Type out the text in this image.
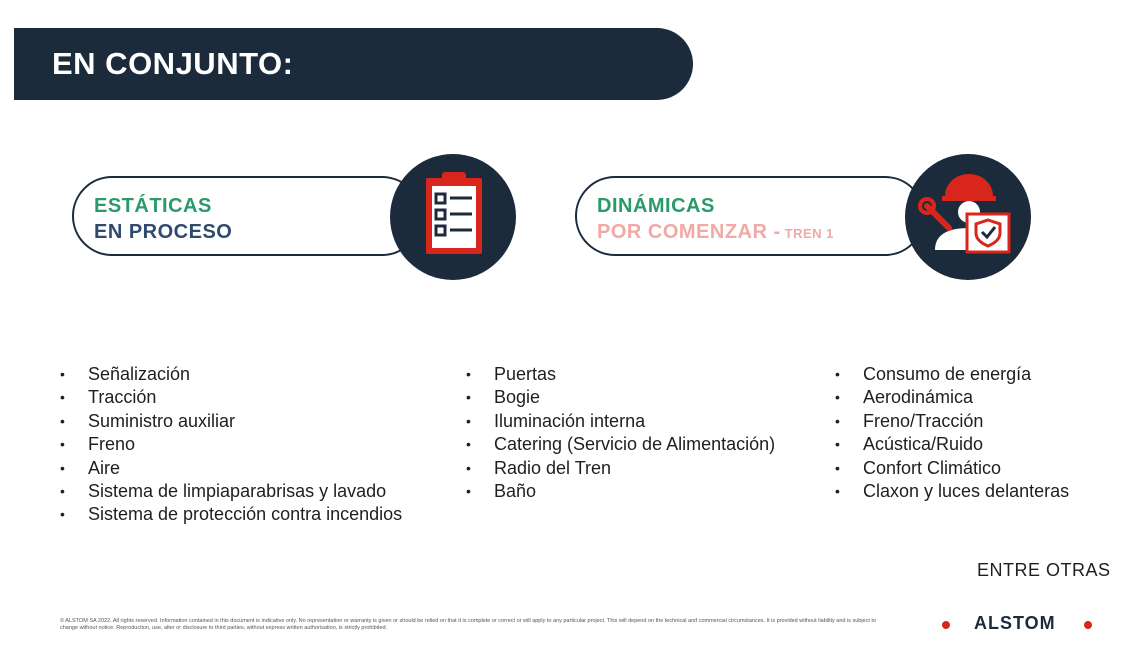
EN CONJUNTO:
ESTÁTICAS
EN PROCESO
DINÁMICAS
POR COMENZAR - TREN 1
• Señalización
• Tracción
• Suministro auxiliar
• Freno
• Aire
• Sistema de limpiaparabrisas y lavado
• Sistema de protección contra incendios
• Puertas
• Bogie
• Iluminación interna
• Catering (Servicio de Alimentación)
• Radio del Tren
• Baño
• Consumo de energía
• Aerodinámica
• Freno/Tracción
• Acústica/Ruido
• Confort Climático
• Claxon y luces delanteras
ENTRE OTRAS
© ALSTOM SA 2022. All rights reserved. Information contained in this document is indicative only. No representation or warranty is given or should be relied on that it is complete or correct or will apply to any particular project. This will depend on the technical and commercial circumstances. It is provided without liability and is subject to change without notice. Reproduction, use, alter or disclosure to third parties, without express written authorisation, is strictly prohibited.	ALSTOM
